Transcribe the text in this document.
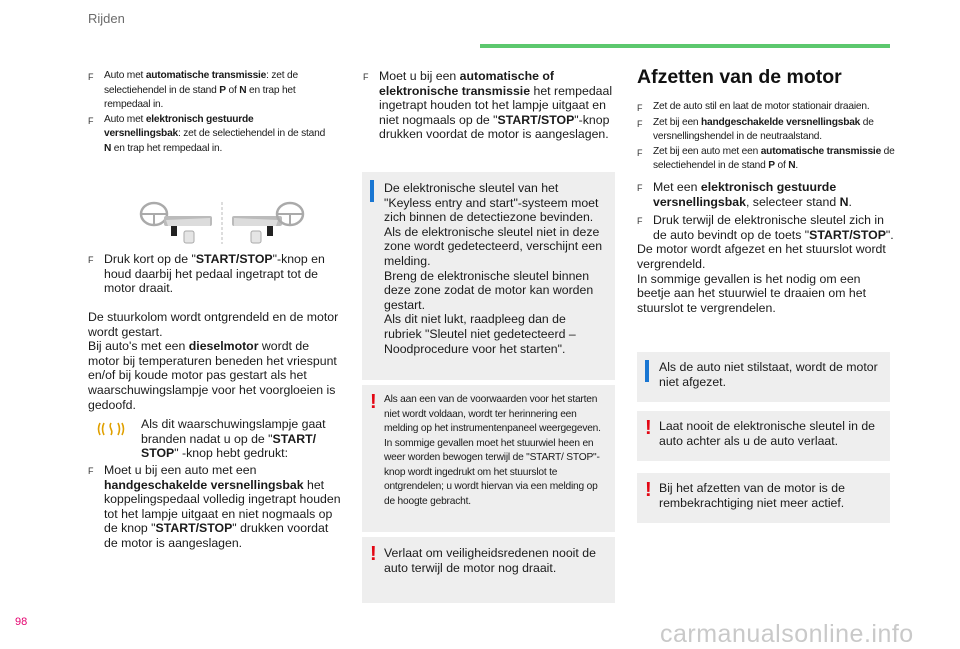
Rijden
F	Auto met automatische transmissie: zet de selectiehendel in de stand P of N en trap het rempedaal in.
F	Auto met elektronisch gestuurde versnellingsbak: zet de selectiehendel in de stand N en trap het rempedaal in.
F Druk kort op de "START/STOP"-knop en houd daarbij het pedaal ingetrapt tot de motor draait.
De stuurkolom wordt ontgrendeld en de motor wordt gestart.
Bij auto's met een dieselmotor wordt de motor bij temperaturen beneden het vriespunt en/of bij koude motor pas gestart als het waarschuwingslampje voor het voorgloeien is gedoofd.
Als dit waarschuwingslampje gaat branden nadat u op de "START/ STOP" -knop hebt gedrukt:
F Moet u bij een auto met een handgeschakelde versnellingsbak het koppelingspedaal volledig ingetrapt houden tot het lampje uitgaat en niet nogmaals op de knop "START/STOP" drukken voordat de motor is aangeslagen.
F Moet u bij een automatische of elektronische transmissie het rempedaal ingetrapt houden tot het lampje uitgaat en niet nogmaals op de "START/STOP"-knop drukken voordat de motor is aangeslagen.
De elektronische sleutel van het "Keyless entry and start"-systeem moet zich binnen de detectiezone bevinden.
Als de elektronische sleutel niet in deze zone wordt gedetecteerd, verschijnt een melding.
Breng de elektronische sleutel binnen deze zone zodat de motor kan worden gestart.
Als dit niet lukt, raadpleeg dan de rubriek "Sleutel niet gedetecteerd – Noodprocedure voor het starten".
! Als aan een van de voorwaarden voor het starten niet wordt voldaan, wordt ter herinnering een melding op het instrumentenpaneel weergegeven.
In sommige gevallen moet het stuurwiel heen en weer worden bewogen terwijl de "START/ STOP"-knop wordt ingedrukt om het stuurslot te ontgrendelen; u wordt hiervan via een melding op de hoogte gebracht.
! Verlaat om veiligheidsredenen nooit de auto terwijl de motor nog draait.
Afzetten van de motor
F	Zet de auto stil en laat de motor stationair draaien.
F	Zet bij een handgeschakelde versnellingsbak de versnellingshendel in de neutraalstand.
F	Zet bij een auto met een automatische transmissie de selectiehendel in de stand P of N.
F Met een elektronisch gestuurde versnellingsbak, selecteer stand N.
F Druk terwijl de elektronische sleutel zich in de auto bevindt op de toets "START/STOP".
De motor wordt afgezet en het stuurslot wordt vergrendeld.
In sommige gevallen is het nodig om een beetje aan het stuurwiel te draaien om het stuurslot te vergrendelen.
Als de auto niet stilstaat, wordt de motor niet afgezet.
! Laat nooit de elektronische sleutel in de auto achter als u de auto verlaat.
! Bij het afzetten van de motor is de rembekrachtiging niet meer actief.
98	carmanualsonline.info
